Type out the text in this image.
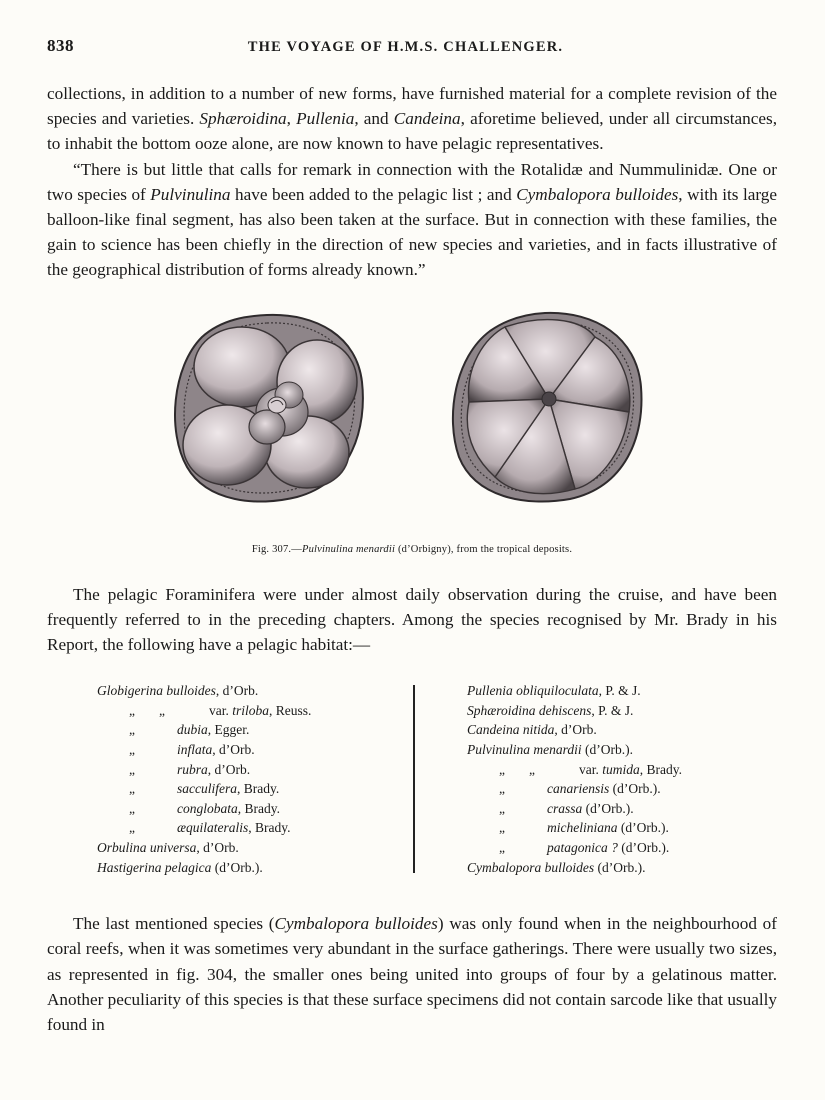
838	THE VOYAGE OF H.M.S. CHALLENGER.

collections, in addition to a number of new forms, have furnished material for a complete revision of the species and varieties. Sphæroidina, Pullenia, and Candeina, aforetime believed, under all circumstances, to inhabit the bottom ooze alone, are now known to have pelagic representatives.

“There is but little that calls for remark in connection with the Rotalidæ and Nummulinidæ. One or two species of Pulvinulina have been added to the pelagic list ; and Cymbalopora bulloides, with its large balloon-like final segment, has also been taken at the surface. But in connection with these families, the gain to science has been chiefly in the direction of new species and varieties, and in facts illustrative of the geographical distribution of forms already known.”

Fig. 307.—Pulvinulina menardii (d’Orbigny), from the tropical deposits.

The pelagic Foraminifera were under almost daily observation during the cruise, and have been frequently referred to in the preceding chapters. Among the species recognised by Mr. Brady in his Report, the following have a pelagic habitat:—

Globigerina bulloides, d’Orb.
„ „	var. triloba, Reuss.
„	dubia, Egger.
„	inflata, d’Orb.
„	rubra, d’Orb.
„	sacculifera, Brady.
„	conglobata, Brady.
„	æquilateralis, Brady.
Orbulina universa, d’Orb.
Hastigerina pelagica (d’Orb.).
Pullenia obliquiloculata, P. & J.
Sphæroidina dehiscens, P. & J.
Candeina nitida, d’Orb.
Pulvinulina menardii (d’Orb.).
„ „	var. tumida, Brady.
„	canariensis (d’Orb.).
„	crassa (d’Orb.).
„	micheliniana (d’Orb.).
„	patagonica ? (d’Orb.).
Cymbalopora bulloides (d’Orb.).

The last mentioned species (Cymbalopora bulloides) was only found when in the neighbourhood of coral reefs, when it was sometimes very abundant in the surface gatherings. There were usually two sizes, as represented in fig. 304, the smaller ones being united into groups of four by a gelatinous matter. Another peculiarity of this species is that these surface specimens did not contain sarcode like that usually found in
